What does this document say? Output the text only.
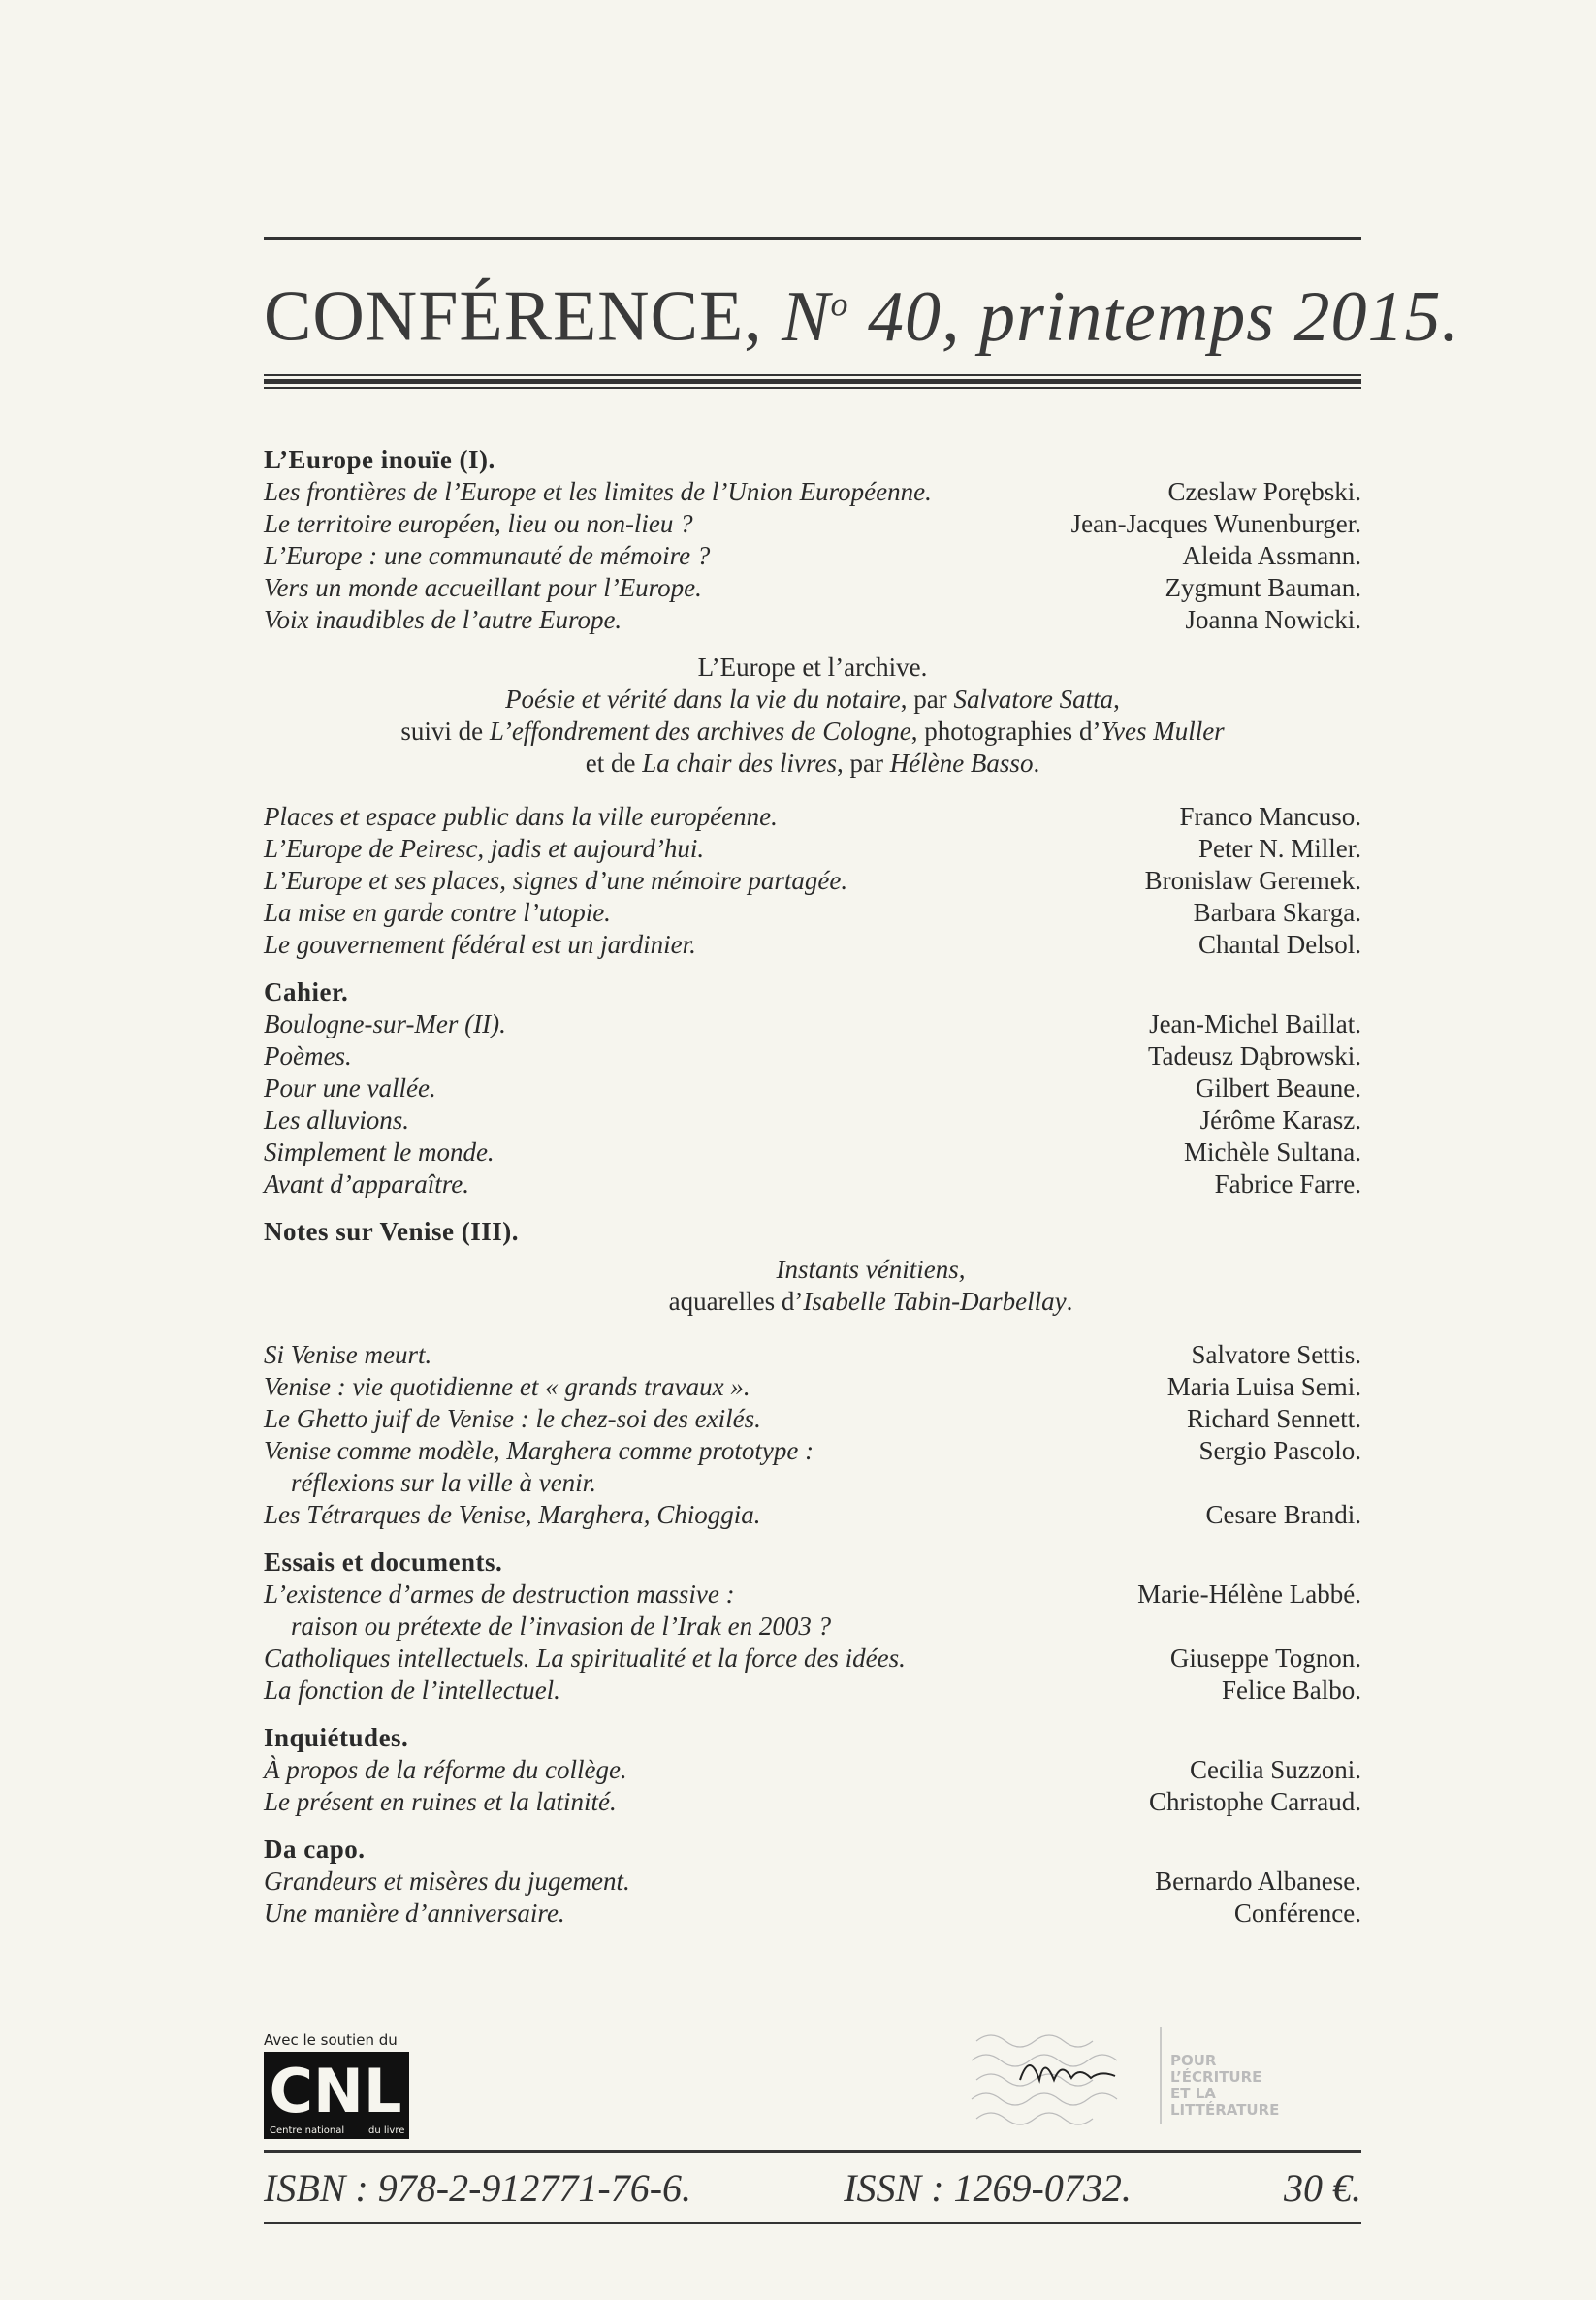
CONFÉRENCE, $N^o$ 40, printemps 2015.
L’Europe inouïe (I).
Les frontières de l’Europe et les limites de l’Union Européenne.	Czeslaw Porębski.
Le territoire européen, lieu ou non-lieu ?	Jean-Jacques Wunenburger.
L’Europe : une communauté de mémoire ?	Aleida Assmann.
Vers un monde accueillant pour l’Europe.	Zygmunt Bauman.
Voix inaudibles de l’autre Europe.	Joanna Nowicki.
L’Europe et l’archive.
Poésie et vérité dans la vie du notaire, par Salvatore Satta,
suivi de L’effondrement des archives de Cologne, photographies d’Yves Muller
et de La chair des livres, par Hélène Basso.
Places et espace public dans la ville européenne.	Franco Mancuso.
L’Europe de Peiresc, jadis et aujourd’hui.	Peter N. Miller.
L’Europe et ses places, signes d’une mémoire partagée.	Bronislaw Geremek.
La mise en garde contre l’utopie.	Barbara Skarga.
Le gouvernement fédéral est un jardinier.	Chantal Delsol.
Cahier.
Boulogne-sur-Mer (II).	Jean-Michel Baillat.
Poèmes.	Tadeusz Dąbrowski.
Pour une vallée.	Gilbert Beaune.
Les alluvions.	Jérôme Karasz.
Simplement le monde.	Michèle Sultana.
Avant d’apparaître.	Fabrice Farre.
Notes sur Venise (III).
Instants vénitiens,
aquarelles d’Isabelle Tabin-Darbellay.
Si Venise meurt.	Salvatore Settis.
Venise : vie quotidienne et « grands travaux ».	Maria Luisa Semi.
Le Ghetto juif de Venise : le chez-soi des exilés.	Richard Sennett.
Venise comme modèle, Marghera comme prototype :	Sergio Pascolo.
réflexions sur la ville à venir.
Les Tétrarques de Venise, Marghera, Chioggia.	Cesare Brandi.
Essais et documents.
L’existence d’armes de destruction massive :	Marie-Hélène Labbé.
raison ou prétexte de l’invasion de l’Irak en 2003 ?
Catholiques intellectuels. La spiritualité et la force des idées.	Giuseppe Tognon.
La fonction de l’intellectuel.	Felice Balbo.
Inquiétudes.
À propos de la réforme du collège.	Cecilia Suzzoni.
Le présent en ruines et la latinité.	Christophe Carraud.
Da capo.
Grandeurs et misères du jugement.	Bernardo Albanese.
Une manière d’anniversaire.	Conférence.
Avec le soutien du
CNL
Centre national du livre
POUR
L’ÉCRITURE
ET LA
LITTÉRATURE
ISBN : 978-2-912771-76-6.	ISSN : 1269-0732.	30 €.
